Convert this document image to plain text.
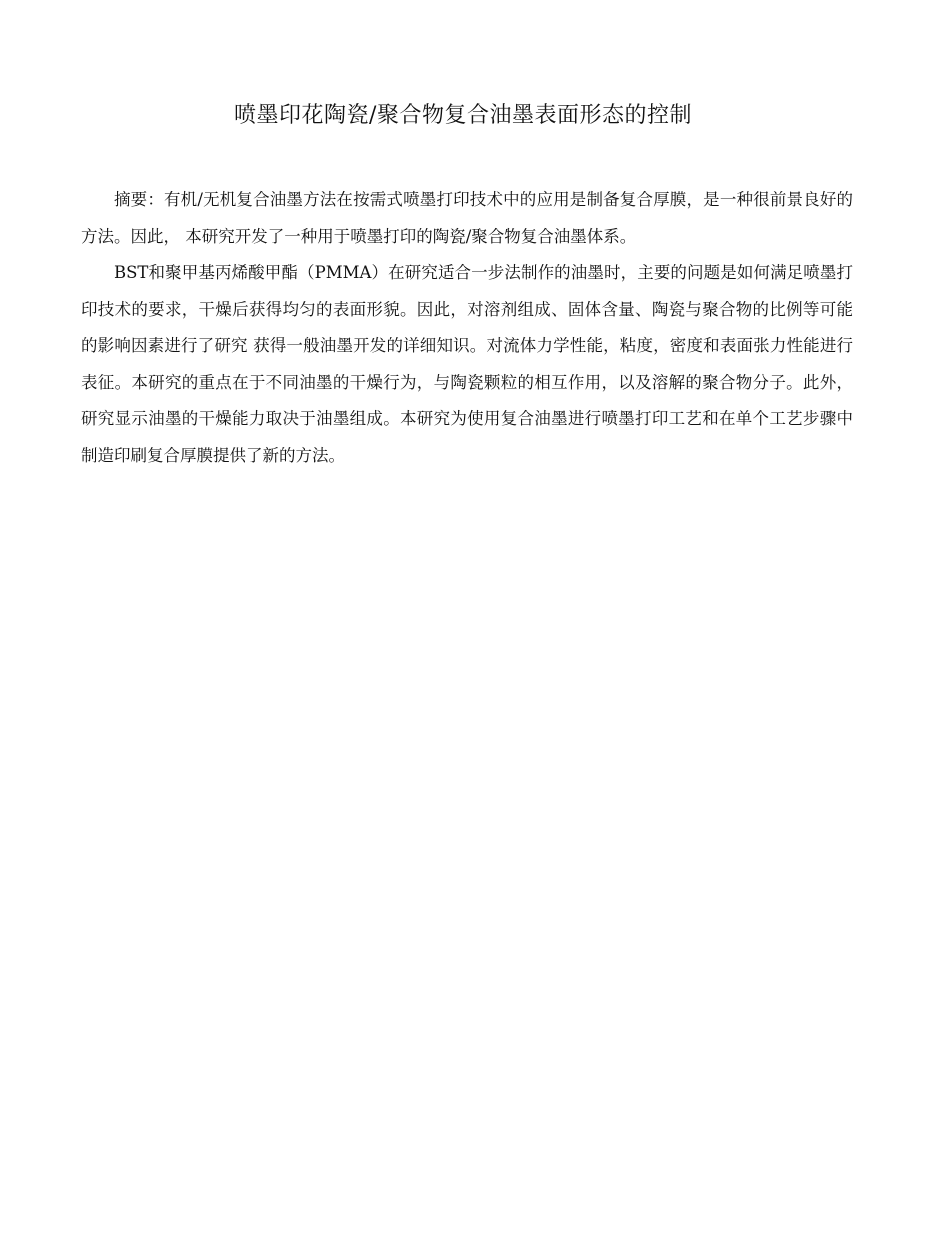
喷墨印花陶瓷/聚合物复合油墨表面形态的控制

摘要：有机/无机复合油墨方法在按需式喷墨打印技术中的应用是制备复合厚膜，是一种很前景良好的方法。因此， 本研究开发了一种用于喷墨打印的陶瓷/聚合物复合油墨体系。

BST和聚甲基丙烯酸甲酯（PMMA）在研究适合一步法制作的油墨时，主要的问题是如何满足喷墨打印技术的要求，干燥后获得均匀的表面形貌。因此，对溶剂组成、固体含量、陶瓷与聚合物的比例等可能的影响因素进行了研究 获得一般油墨开发的详细知识。对流体力学性能，粘度，密度和表面张力性能进行表征。本研究的重点在于不同油墨的干燥行为，与陶瓷颗粒的相互作用，以及溶解的聚合物分子。此外，研究显示油墨的干燥能力取决于油墨组成。本研究为使用复合油墨进行喷墨打印工艺和在单个工艺步骤中制造印刷复合厚膜提供了新的方法。
